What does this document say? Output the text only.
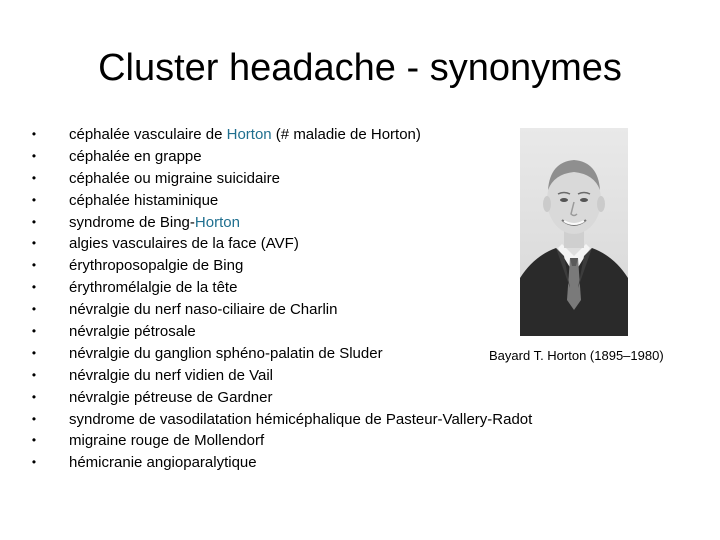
Cluster headache - synonymes
• céphalée vasculaire de Horton (# maladie de Horton)
• céphalée en grappe
• céphalée ou migraine suicidaire
• céphalée histaminique
• syndrome de Bing-Horton
• algies vasculaires de la face (AVF)
• érythroposopalgie de Bing
• érythromélalgie de la tête
• névralgie du nerf naso-ciliaire de Charlin
• névralgie pétrosale
• névralgie du ganglion sphéno-palatin de Sluder
• névralgie du nerf vidien de Vail
• névralgie pétreuse de Gardner
• syndrome de vasodilatation hémicéphalique de Pasteur-Vallery-Radot
• migraine rouge de Mollendorf
• hémicranie angioparalytique
Bayard T. Horton (1895–1980)
